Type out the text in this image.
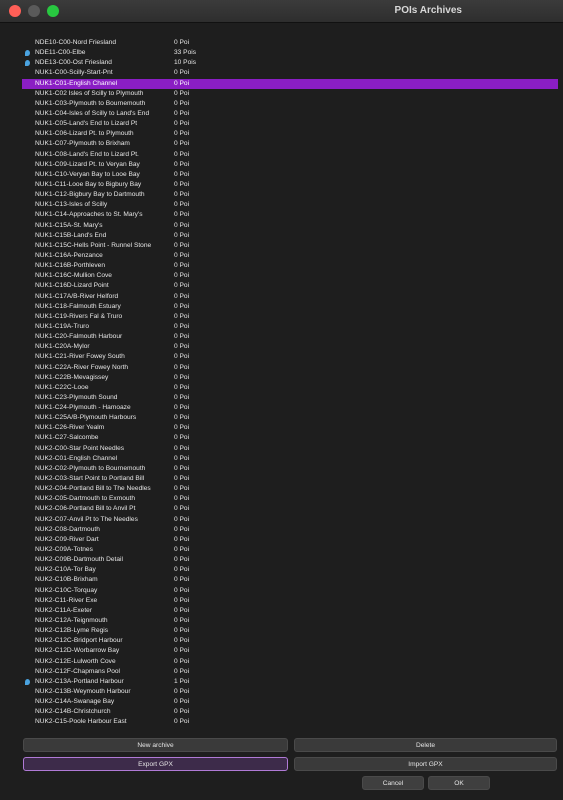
POIs Archives
NDE10-C00-Nord Friesland	0 Poi
NDE11-C00-Elbe	33 Pois
NDE13-C00-Ost Friesland	10 Pois
NUK1-C00-Scilly-Start-Pnt	0 Poi
NUK1-C01-English Channel	0 Poi
NUK1-C02 Isles of Scilly to Plymouth	0 Poi
NUK1-C03-Plymouth to Bournemouth	0 Poi
NUK1-C04-Isles of Scilly to Land's End	0 Poi
NUK1-C05-Land's End to Lizard Pt	0 Poi
NUK1-C06-Lizard Pt. to Plymouth	0 Poi
NUK1-C07-Plymouth to Brixham	0 Poi
NUK1-C08-Land's End to Lizard Pt.	0 Poi
NUK1-C09-Lizard Pt. to Veryan Bay	0 Poi
NUK1-C10-Veryan Bay to Looe Bay	0 Poi
NUK1-C11-Looe Bay to Bigbury Bay	0 Poi
NUK1-C12-Bigbury Bay to Dartmouth	0 Poi
NUK1-C13-Isles of Scilly	0 Poi
NUK1-C14-Approaches to St. Mary's	0 Poi
NUK1-C15A-St. Mary's	0 Poi
NUK1-C15B-Land's End	0 Poi
NUK1-C15C-Hells Point - Runnel Stone	0 Poi
NUK1-C16A-Penzance	0 Poi
NUK1-C16B-Porthleven	0 Poi
NUK1-C16C-Mullion Cove	0 Poi
NUK1-C16D-Lizard Point	0 Poi
NUK1-C17A/B-River Helford	0 Poi
NUK1-C18-Falmouth Estuary	0 Poi
NUK1-C19-Rivers Fal & Truro	0 Poi
NUK1-C19A-Truro	0 Poi
NUK1-C20-Falmouth Harbour	0 Poi
NUK1-C20A-Mylor	0 Poi
NUK1-C21-River Fowey South	0 Poi
NUK1-C22A-River Fowey North	0 Poi
NUK1-C22B-Mevagissey	0 Poi
NUK1-C22C-Looe	0 Poi
NUK1-C23-Plymouth Sound	0 Poi
NUK1-C24-Plymouth - Hamoaze	0 Poi
NUK1-C25A/B-Plymouth Harbours	0 Poi
NUK1-C26-River Yealm	0 Poi
NUK1-C27-Salcombe	0 Poi
NUK2-C00-Star Point Needles	0 Poi
NUK2-C01-English Channel	0 Poi
NUK2-C02-Plymouth to Bournemouth	0 Poi
NUK2-C03-Start Point to Portland Bill	0 Poi
NUK2-C04-Portland Bill to The Needles	0 Poi
NUK2-C05-Dartmouth to Exmouth	0 Poi
NUK2-C06-Portland Bill to Anvil Pt	0 Poi
NUK2-C07-Anvil Pt to The Needles	0 Poi
NUK2-C08-Dartmouth	0 Poi
NUK2-C09-River Dart	0 Poi
NUK2-C09A-Totnes	0 Poi
NUK2-C09B-Dartmouth Detail	0 Poi
NUK2-C10A-Tor Bay	0 Poi
NUK2-C10B-Brixham	0 Poi
NUK2-C10C-Torquay	0 Poi
NUK2-C11-River Exe	0 Poi
NUK2-C11A-Exeter	0 Poi
NUK2-C12A-Teignmouth	0 Poi
NUK2-C12B-Lyme Regis	0 Poi
NUK2-C12C-Bridport Harbour	0 Poi
NUK2-C12D-Worbarrow Bay	0 Poi
NUK2-C12E-Lulworth Cove	0 Poi
NUK2-C12F-Chapmans Pool	0 Poi
NUK2-C13A-Portland Harbour	1 Poi
NUK2-C13B-Weymouth Harbour	0 Poi
NUK2-C14A-Swanage Bay	0 Poi
NUK2-C14B-Christchurch	0 Poi
NUK2-C15-Poole Harbour East	0 Poi
New archive	Delete
Export GPX	Import GPX
Cancel	OK
